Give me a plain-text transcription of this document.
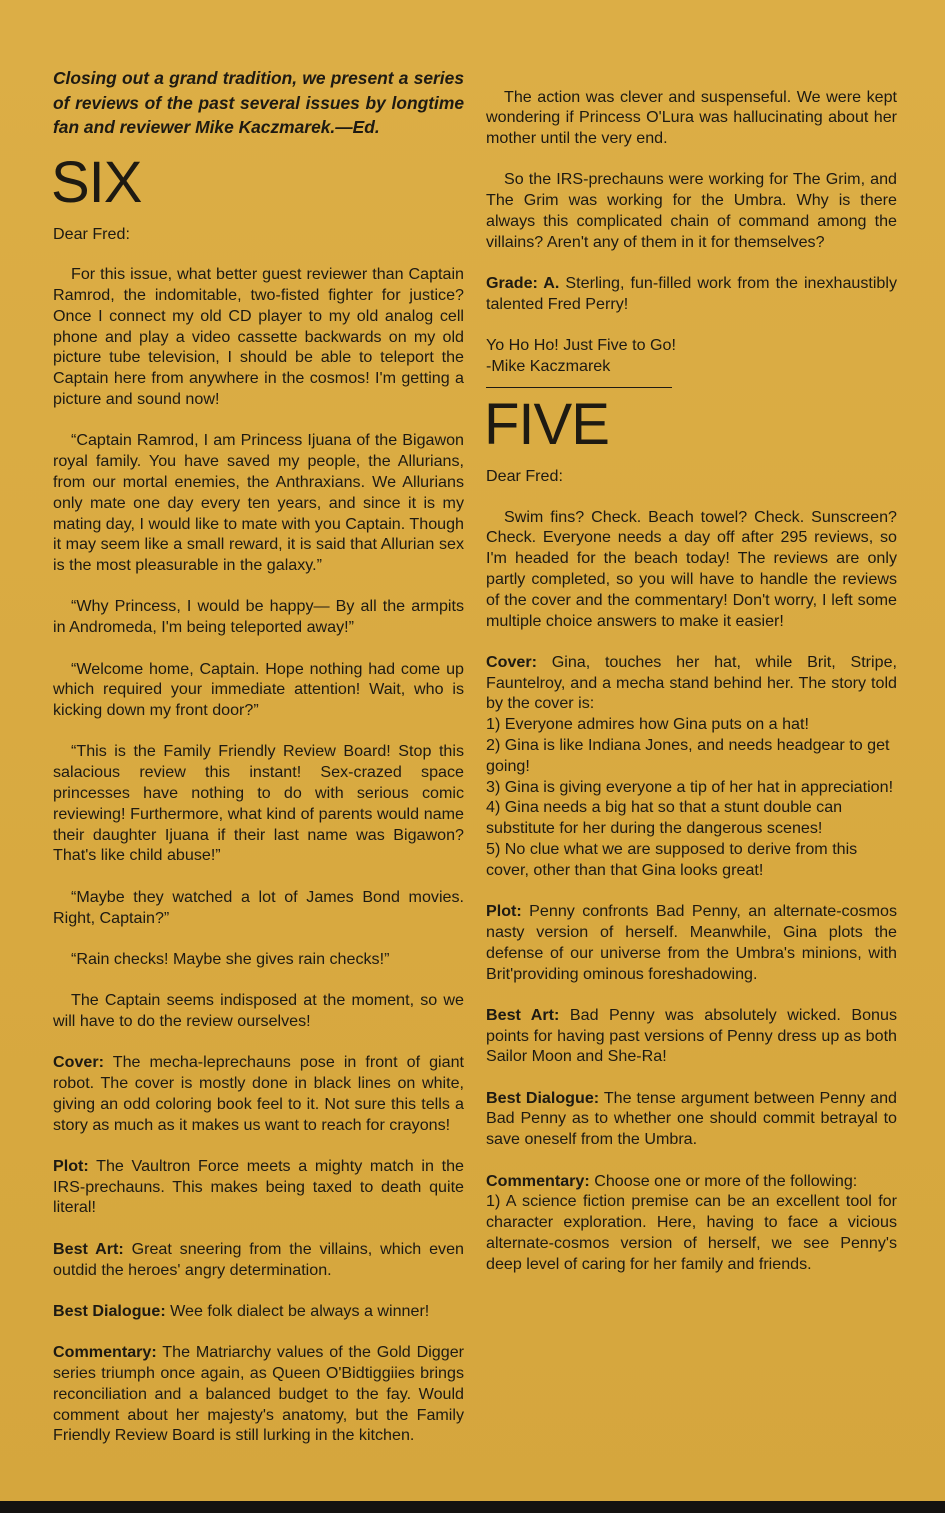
Closing out a grand tradition, we present a series of reviews of the past several issues by longtime fan and reviewer Mike Kaczmarek.—Ed.
SIX
Dear Fred:

For this issue, what better guest reviewer than Captain Ramrod, the indomitable, two-fisted fighter for justice? Once I connect my old CD player to my old analog cell phone and play a video cassette backwards on my old picture tube television, I should be able to teleport the Captain here from anywhere in the cosmos! I'm getting a picture and sound now!

“Captain Ramrod, I am Princess Ijuana of the Bigawon royal family. You have saved my people, the Allurians, from our mortal enemies, the Anthraxians. We Allurians only mate one day every ten years, and since it is my mating day, I would like to mate with you Captain. Though it may seem like a small reward, it is said that Allurian sex is the most pleasurable in the galaxy.”

“Why Princess, I would be happy— By all the armpits in Andromeda, I'm being teleported away!”

“Welcome home, Captain. Hope nothing had come up which required your immediate attention! Wait, who is kicking down my front door?”

“This is the Family Friendly Review Board! Stop this salacious review this instant! Sex-crazed space princesses have nothing to do with serious comic reviewing! Furthermore, what kind of parents would name their daughter Ijuana if their last name was Bigawon? That's like child abuse!”

“Maybe they watched a lot of James Bond movies. Right, Captain?”

“Rain checks! Maybe she gives rain checks!”

The Captain seems indisposed at the moment, so we will have to do the review ourselves!

Cover: The mecha-leprechauns pose in front of giant robot. The cover is mostly done in black lines on white, giving an odd coloring book feel to it. Not sure this tells a story as much as it makes us want to reach for crayons!

Plot: The Vaultron Force meets a mighty match in the IRS-prechauns. This makes being taxed to death quite literal!

Best Art: Great sneering from the villains, which even outdid the heroes' angry determination.

Best Dialogue: Wee folk dialect be always a winner!

Commentary: The Matriarchy values of the Gold Digger series triumph once again, as Queen O'Bidtiggiies brings reconciliation and a balanced budget to the fay. Would comment about her majesty's anatomy, but the Family Friendly Review Board is still lurking in the kitchen.

The action was clever and suspenseful. We were kept wondering if Princess O'Lura was hallucinating about her mother until the very end.

So the IRS-prechauns were working for The Grim, and The Grim was working for the Umbra. Why is there always this complicated chain of command among the villains? Aren't any of them in it for themselves?

Grade: A. Sterling, fun-filled work from the inexhaustibly talented Fred Perry!

Yo Ho Ho! Just Five to Go!
-Mike Kaczmarek
FIVE
Dear Fred:

Swim fins? Check. Beach towel? Check. Sunscreen? Check. Everyone needs a day off after 295 reviews, so I'm headed for the beach today! The reviews are only partly completed, so you will have to handle the reviews of the cover and the commentary! Don't worry, I left some multiple choice answers to make it easier!

Cover: Gina, touches her hat, while Brit, Stripe, Fauntelroy, and a mecha stand behind her. The story told by the cover is:

1) Everyone admires how Gina puts on a hat!
2) Gina is like Indiana Jones, and needs headgear to get going!
3) Gina is giving everyone a tip of her hat in appreciation!
4) Gina needs a big hat so that a stunt double can substitute for her during the dangerous scenes!
5) No clue what we are supposed to derive from this cover, other than that Gina looks great!

Plot: Penny confronts Bad Penny, an alternate-cosmos nasty version of herself. Meanwhile, Gina plots the defense of our universe from the Umbra's minions, with Brit'providing ominous foreshadowing.

Best Art: Bad Penny was absolutely wicked. Bonus points for having past versions of Penny dress up as both Sailor Moon and She-Ra!

Best Dialogue: The tense argument between Penny and Bad Penny as to whether one should commit betrayal to save oneself from the Umbra.

Commentary: Choose one or more of the following:

1) A science fiction premise can be an excellent tool for character exploration. Here, having to face a vicious alternate-cosmos version of herself, we see Penny's deep level of caring for her family and friends.
